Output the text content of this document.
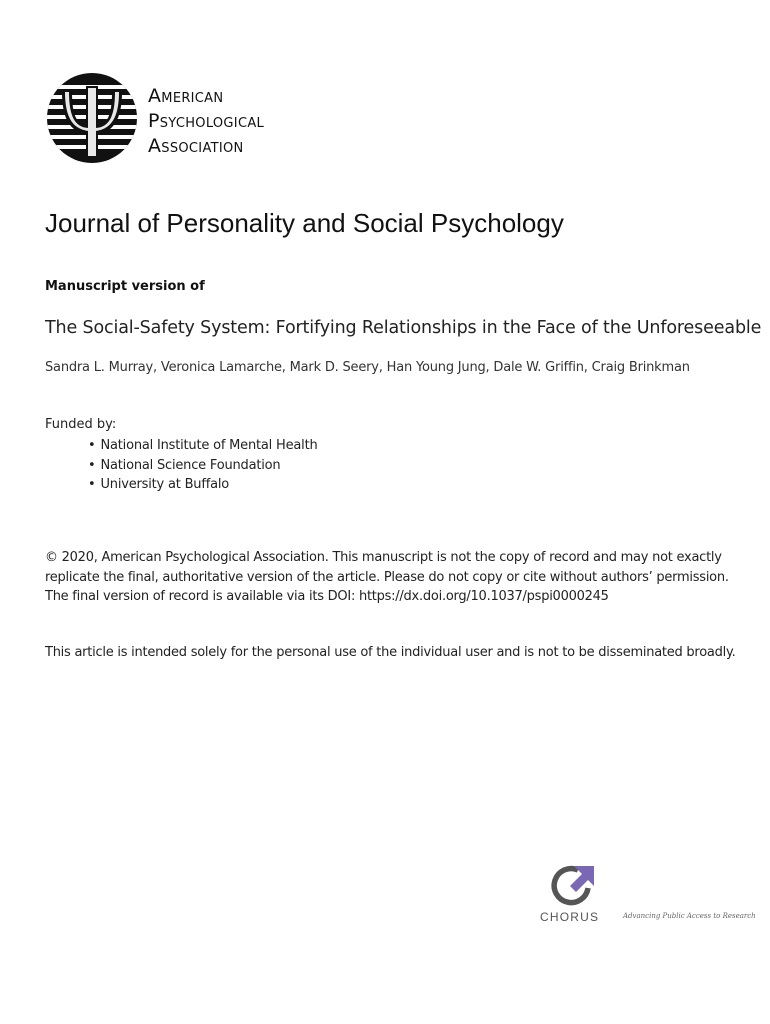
American
Psychological
Association
Journal of Personality and Social Psychology
Manuscript version of
The Social-Safety System: Fortifying Relationships in the Face of the Unforeseeable
Sandra L. Murray, Veronica Lamarche, Mark D. Seery, Han Young Jung, Dale W. Griffin, Craig Brinkman
Funded by:
• National Institute of Mental Health
• National Science Foundation
• University at Buffalo
© 2020, American Psychological Association. This manuscript is not the copy of record and may not exactly
replicate the final, authoritative version of the article. Please do not copy or cite without authors’ permission.
The final version of record is available via its DOI: https://dx.doi.org/10.1037/pspi0000245
This article is intended solely for the personal use of the individual user and is not to be disseminated broadly.
CHORUS	Advancing Public Access to Research
